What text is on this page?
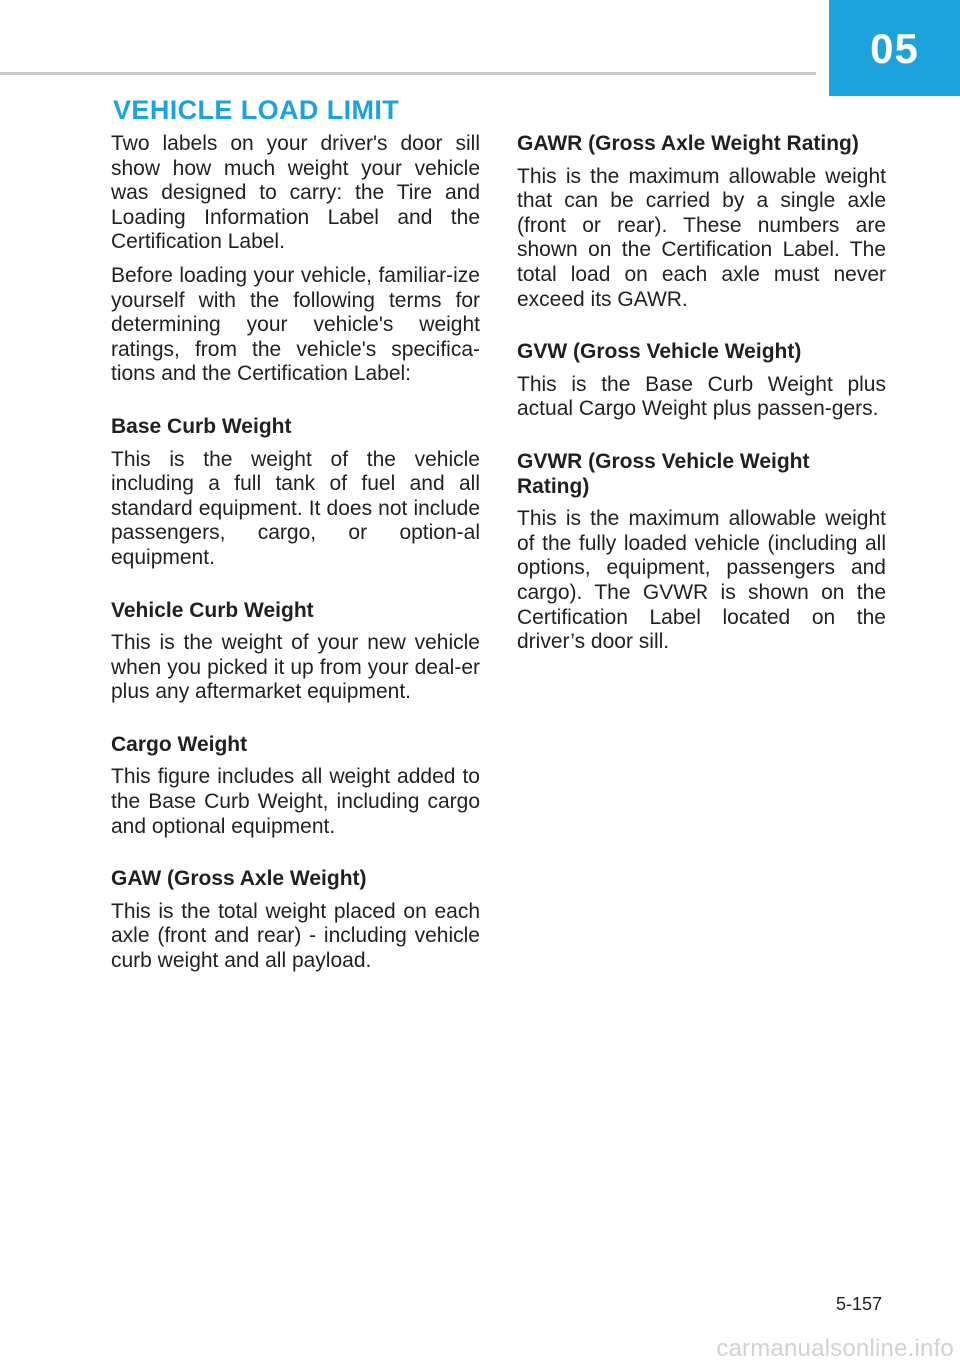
05
VEHICLE LOAD LIMIT

Two labels on your driver's door sill show how much weight your vehicle was designed to carry: the Tire and Loading Information Label and the Certification Label.

Before loading your vehicle, familiar-ize yourself with the following terms for determining your vehicle's weight ratings, from the vehicle's specifica-tions and the Certification Label:

Base Curb Weight

This is the weight of the vehicle including a full tank of fuel and all standard equipment. It does not include passengers, cargo, or option-al equipment.

Vehicle Curb Weight

This is the weight of your new vehicle when you picked it up from your deal-er plus any aftermarket equipment.

Cargo Weight

This figure includes all weight added to the Base Curb Weight, including cargo and optional equipment.

GAW (Gross Axle Weight)

This is the total weight placed on each axle (front and rear) - including vehicle curb weight and all payload.

GAWR (Gross Axle Weight Rating)

This is the maximum allowable weight that can be carried by a single axle (front or rear). These numbers are shown on the Certification Label. The total load on each axle must never exceed its GAWR.

GVW (Gross Vehicle Weight)

This is the Base Curb Weight plus actual Cargo Weight plus passen-gers.

GVWR (Gross Vehicle Weight Rating)

This is the maximum allowable weight of the fully loaded vehicle (including all options, equipment, passengers and cargo). The GVWR is shown on the Certification Label located on the driver’s door sill.

5-157
carmanualsonline.info
